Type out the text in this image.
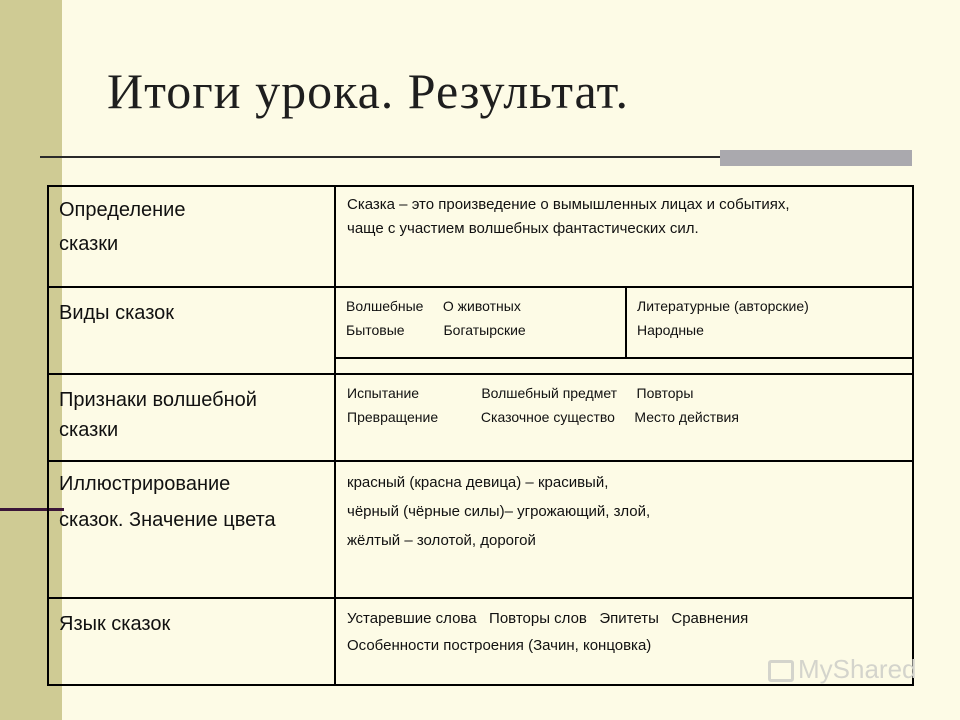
Итоги урока. Результат.
Определение
сказки
Сказка – это произведение о вымышленных лицах и событиях,
чаще с участием волшебных фантастических сил.
Виды сказок	Волшебные     О животных
Бытовые          Богатырские
Литературные (авторские)
Народные
Признаки волшебной
сказки
Испытание                Волшебный предмет     Повторы
Превращение           Сказочное существо     Место действия
Иллюстрирование
сказок. Значение цвета
красный (красна девица) – красивый,
чёрный (чёрные силы)– угрожающий, злой,
жёлтый – золотой, дорогой
Язык сказок	Устаревшие слова   Повторы слов   Эпитеты   Сравнения
Особенности построения (Зачин, концовка)
MyShared
